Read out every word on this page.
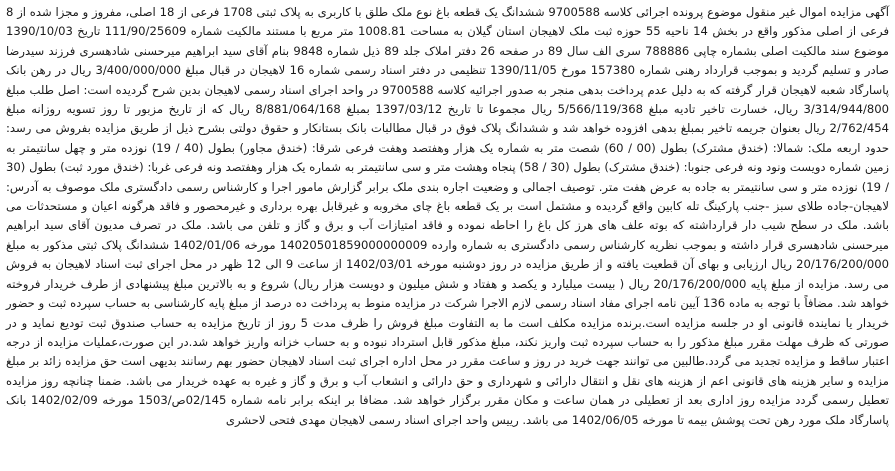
آگهی مزایده اموال غیر منقول موضوع پرونده اجرائی کلاسه 9700588 ششدانگ یک قطعه باغ نوع ملک طلق با کاربری به پلاک ثبتی 1708 فرعی از 18 اصلی، مفروز و مجزا شده از 8 فرعی از اصلی مذکور واقع در بخش 14 ناحیه 55 حوزه ثبت ملک لاهیجان استان گیلان به مساحت 1008.81 متر مربع با مستند مالکیت شماره 111/90/25609 تاریخ 1390/10/03 موضوع سند مالکیت اصلی بشماره چاپی 788886 سری الف سال 89 در صفحه 26 دفتر املاک جلد 89 ذیل شماره 9848 بنام آقای سید ابراهیم میرحسنی شادهسری فرزند سیدرضا صادر و تسلیم گردید و بموجب قرارداد رهنی شماره 157380 مورخ 1390/11/05 تنظیمی در دفتر اسناد رسمی شماره 16 لاهیجان در قبال مبلغ 3/400/000/000 ریال در رهن بانک پاسارگاد شعبه لاهیجان قرار گرفته که به دلیل عدم پرداخت بدهی منجر به صدور اجرائیه کلاسه 9700588 در واحد اجرای اسناد رسمی لاهیجان بدین شرح گردیده است: اصل طلب مبلغ 3/314/944/800 ریال، خسارت تاخیر تادیه مبلغ 5/566/119/368 ریال مجموعا تا تاریخ 1397/03/12 بمبلغ 8/881/064/168 ریال که از تاریخ مزبور تا روز تسویه روزانه مبلغ 2/762/454 ریال بعنوان جریمه تاخیر بمبلغ بدهی افزوده خواهد شد و ششدانگ پلاک فوق در قبال مطالبات بانک بستانکار و حقوق دولتی بشرح ذیل از طریق مزایده بفروش می رسد: حدود اربعه ملک: شمالا: (خندق مشترک) بطول (00 / 60) شصت متر به شماره یک هزار وهفتصد وهفت فرعی شرقا: (خندق مجاور) بطول (40 / 19) نوزده متر و چهل سانتیمتر به زمین شماره دویست ونود ونه فرعی جنوبا: (خندق مشترک) بطول (30 / 58) پنجاه وهشت متر و سی سانتیمتر به شماره یک هزار وهفتصد ونه فرعی غربا: (خندق مورد ثبت) بطول (30 / 19) نوزده متر و سی سانتیمتر به جاده به عرض هفت متر. توصیف اجمالی و وضعیت اجاره بندی ملک برابر گزارش مامور اجرا و کارشناس رسمی دادگستری ملک موصوف به آدرس: لاهیجان-جاده طلای سبز -جنب پارکینگ تله کابین واقع گردیده و مشتمل است بر یک قطعه باغ چای مخروبه و غیرقابل بهره برداری و غیرمحصور و فاقد هرگونه اعیان و مستحدثات می باشد. ملک در سطح شیب دار قرارداشته که بوته علف های هرز کل باغ را احاطه نموده و فاقد امتیازات آب و برق و گاز و تلفن می باشد. ملک در تصرف مدیون آقای سید ابراهیم میرحسنی شادهسری قرار داشته و بموجب نظریه کارشناس رسمی دادگستری به شماره وارده 14020501859000000009 مورخه 1402/01/06 ششدانگ پلاک ثبتی مذکور به مبلغ 20/176/200/000 ریال ارزیابی و بهای آن قطعیت یافته و از طریق مزایده در روز دوشنبه مورخه 1402/03/01 از ساعت 9 الی 12 ظهر در محل اجرای ثبت اسناد لاهیجان به فروش می رسد. مزایده از مبلغ پایه 20/176/200/000 ریال ( بیست میلیارد و یکصد و هفتاد و شش میلیون و دویست هزار ریال) شروع و به بالاترین مبلغ پیشنهادی از طرف خریدار فروخته خواهد شد. مضافاً با توجه به ماده 136 آیین نامه اجرای مفاد اسناد رسمی لازم الاجرا شرکت در مزایده منوط به پرداخت ده درصد از مبلغ پایه کارشناسی به حساب سپرده ثبت و حضور خریدار یا نماینده قانونی او در جلسه مزایده است.برنده مزایده مکلف است ما به التفاوت مبلغ فروش را ظرف مدت 5 روز از تاریخ مزایده به حساب صندوق ثبت تودیع نماید و در صورتی که ظرف مهلت مقرر مبلغ مذکور را به حساب سپرده ثبت واریز نکند، مبلغ مذکور قابل استرداد نبوده و به حساب خزانه واریز خواهد شد.در این صورت،عملیات مزایده از درجه اعتبار ساقط و مزایده تجدید می گردد.طالبین می توانند جهت خرید در روز و ساعت مقرر در محل اداره اجرای ثبت اسناد لاهیجان حضور بهم رسانند بدیهی است حق مزایده زائد بر مبلغ مزایده و سایر هزینه های قانونی اعم از هزینه های نقل و انتقال دارائی و شهرداری و حق دارائی و انشعاب آب و برق و گاز و غیره به عهده خریدار می باشد. ضمنا چنانچه روز مزایده تعطیل رسمی گردد مزایده روز اداری بعد از تعطیلی در همان ساعت و مکان مقرر برگزار خواهد شد. مضافا بر اینکه برابر نامه شماره 02/145ص/1503 مورخه 1402/02/09 بانک پاسارگاد ملک مورد رهن تحت پوشش بیمه تا مورخه 1402/06/05 می باشد. رییس واحد اجرای اسناد رسمی لاهیجان مهدی فتحی لاحشری
